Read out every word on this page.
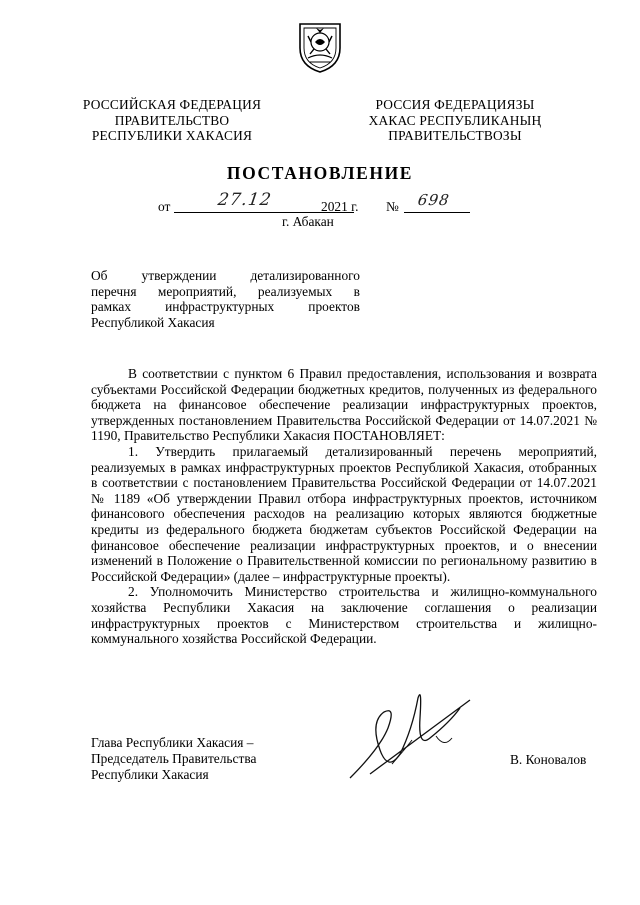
РОССИЙСКАЯ ФЕДЕРАЦИЯ
ПРАВИТЕЛЬСТВО
РЕСПУБЛИКИ ХАКАСИЯ
РОССИЯ ФЕДЕРАЦИЯЗЫ
ХАКАС РЕСПУБЛИКАНЫҢ
ПРАВИТЕЛЬСТВОЗЫ
ПОСТАНОВЛЕНИЕ
от	27.12	2021 г. № 698
г. Абакан
Об утверждении детализированного
перечня мероприятий, реализуемых в
рамках инфраструктурных проектов
Республикой Хакасия

В соответствии с пунктом 6 Правил предоставления, использования и возврата субъектами Российской Федерации бюджетных кредитов, полученных из федерального бюджета на финансовое обеспечение реализации инфраструктурных проектов, утвержденных постановлением Правительства Российской Федерации от 14.07.2021 № 1190, Правительство Республики Хакасия ПОСТАНОВЛЯЕТ:

1. Утвердить прилагаемый детализированный перечень мероприятий, реализуемых в рамках инфраструктурных проектов Республикой Хакасия, отобранных в соответствии с постановлением Правительства Российской Федерации от 14.07.2021 № 1189 «Об утверждении Правил отбора инфраструктурных проектов, источником финансового обеспечения расходов на реализацию которых являются бюджетные кредиты из федерального бюджета бюджетам субъектов Российской Федерации на финансовое обеспечение реализации инфраструктурных проектов, и о внесении изменений в Положение о Правительственной комиссии по региональному развитию в Российской Федерации» (далее – инфраструктурные проекты).

2. Уполномочить Министерство строительства и жилищно-коммунального хозяйства Республики Хакасия на заключение соглашения о реализации инфраструктурных проектов с Министерством строительства и жилищно-коммунального хозяйства Российской Федерации.

Глава Республики Хакасия –
Председатель Правительства
Республики Хакасия
В. Коновалов
